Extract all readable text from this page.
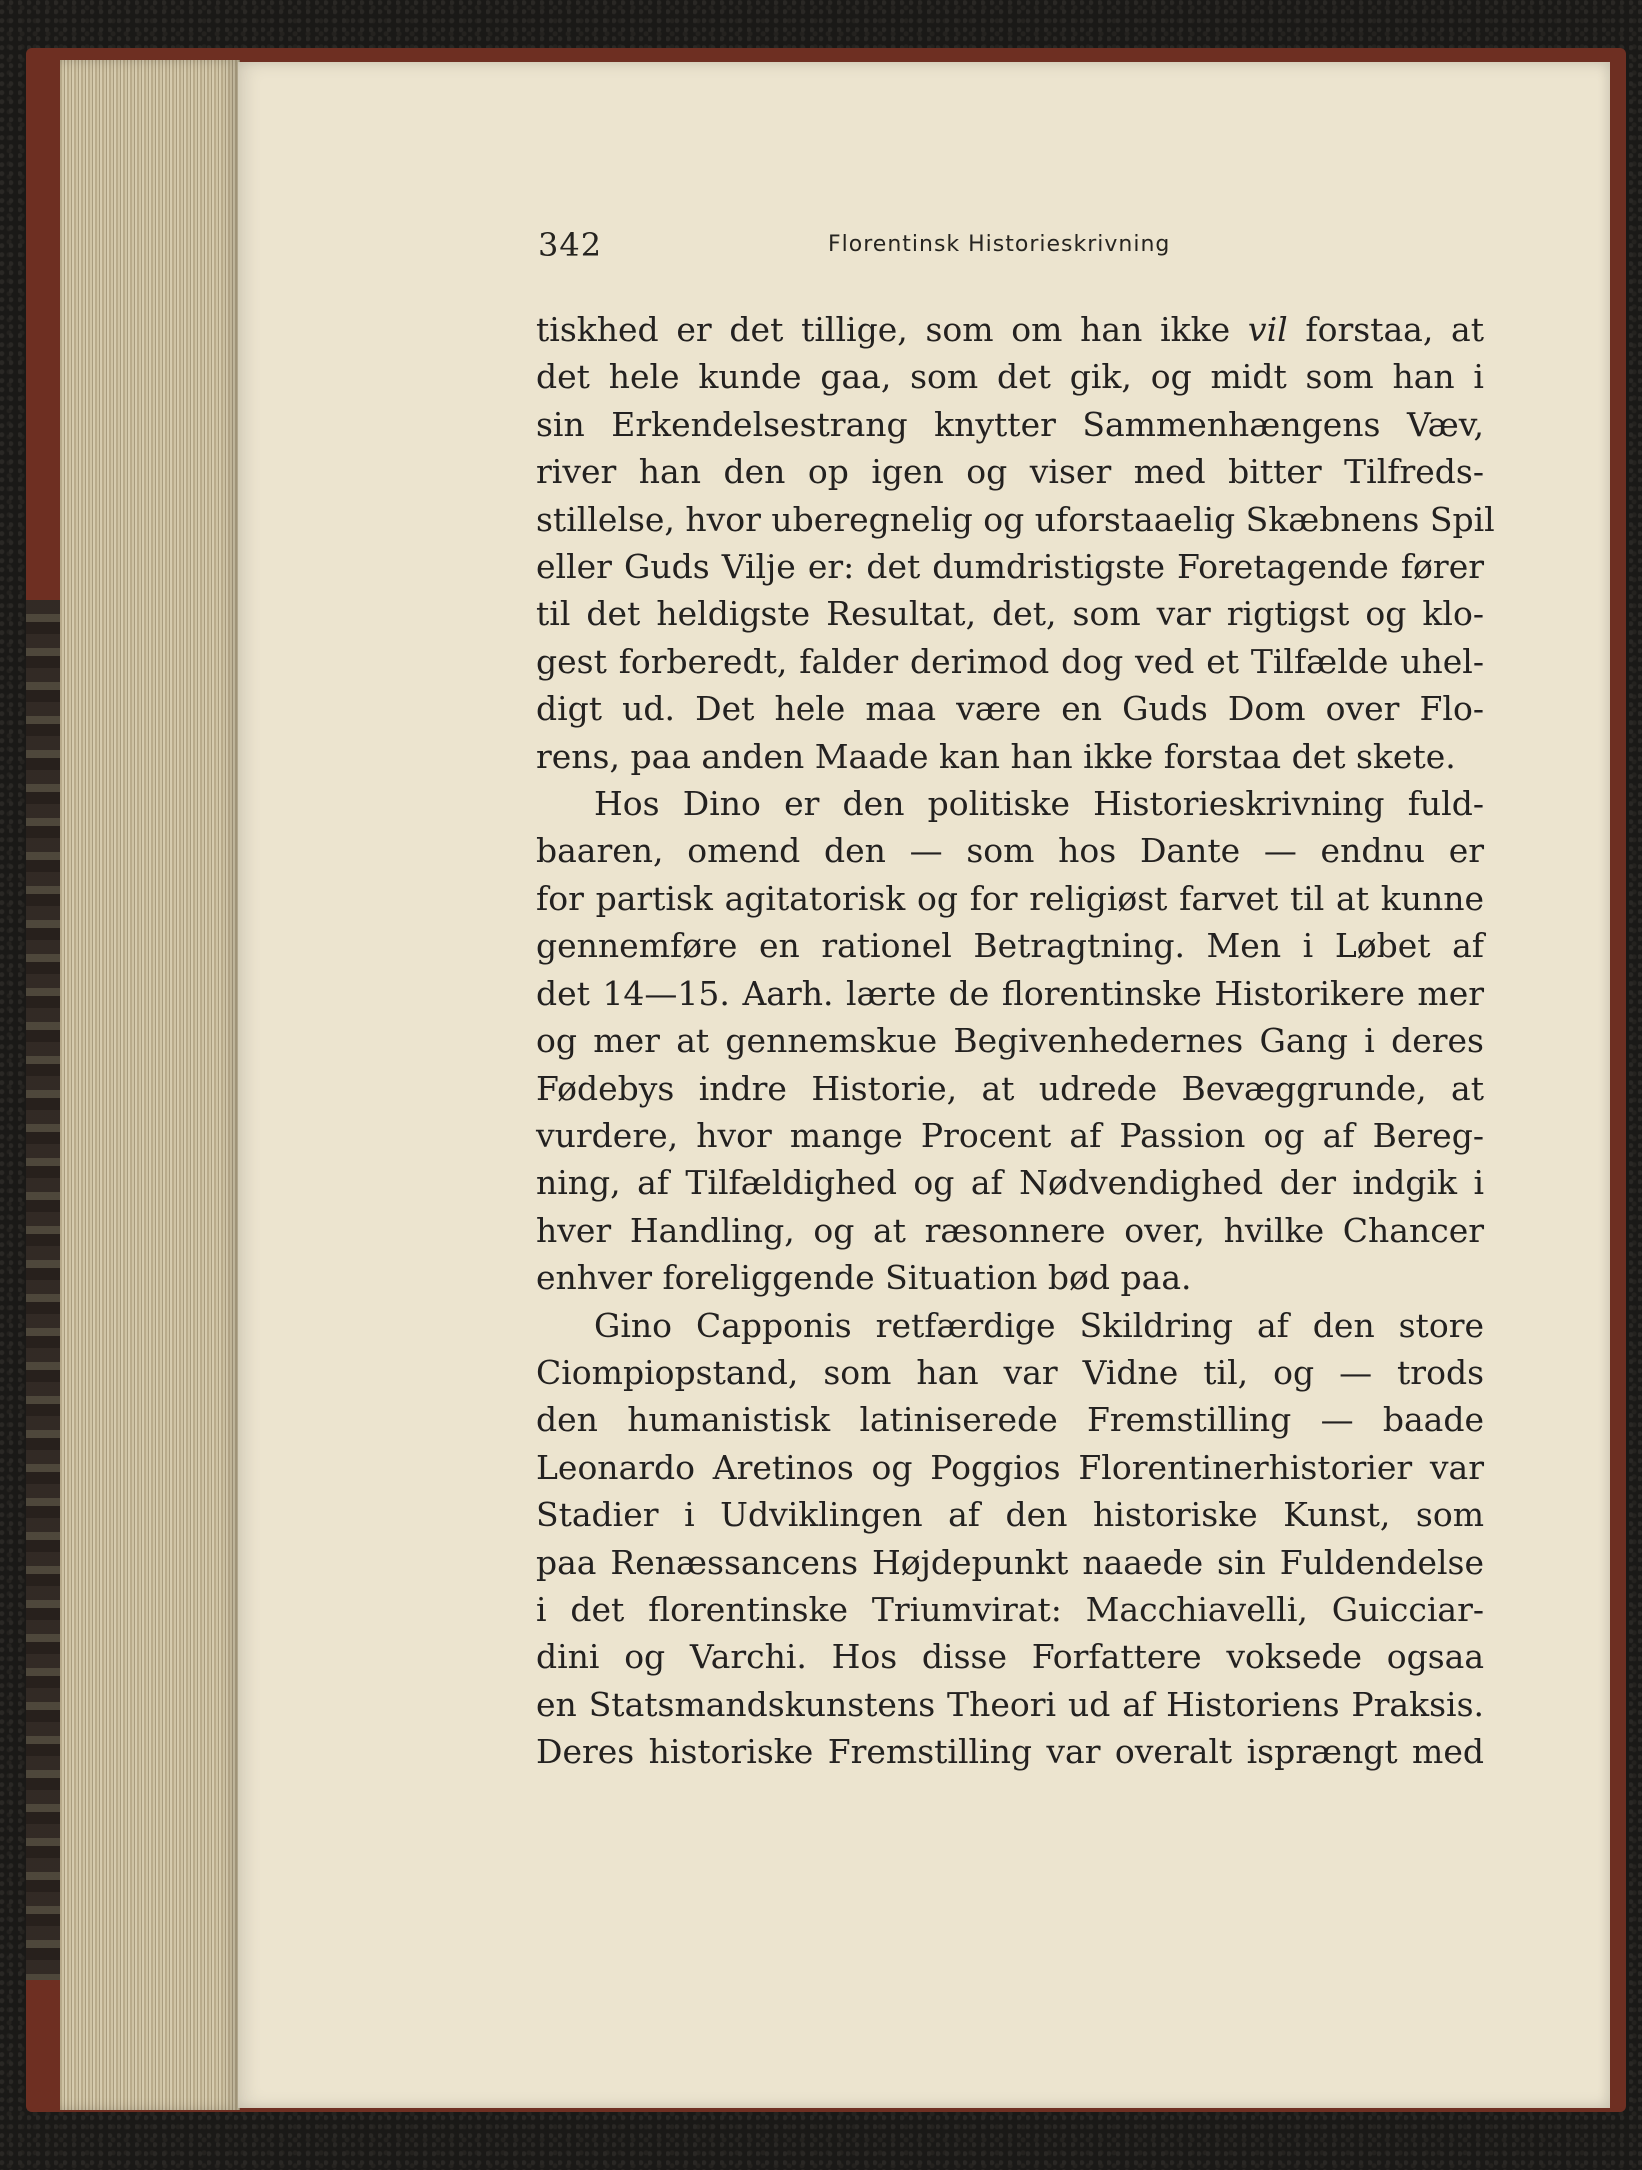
342	Florentinsk Historieskrivning
tiskhed er det tillige, som om han ikke vil forstaa, at
det hele kunde gaa, som det gik, og midt som han i
sin Erkendelsestrang knytter Sammenhængens Væv,
river han den op igen og viser med bitter Tilfreds-
stillelse, hvor uberegnelig og uforstaaelig Skæbnens Spil
eller Guds Vilje er: det dumdristigste Foretagende fører
til det heldigste Resultat, det, som var rigtigst og klo-
gest forberedt, falder derimod dog ved et Tilfælde uhel-
digt ud. Det hele maa være en Guds Dom over Flo-
rens, paa anden Maade kan han ikke forstaa det skete.
Hos Dino er den politiske Historieskrivning fuld-
baaren, omend den — som hos Dante — endnu er
for partisk agitatorisk og for religiøst farvet til at kunne
gennemføre en rationel Betragtning. Men i Løbet af
det 14—15. Aarh. lærte de florentinske Historikere mer
og mer at gennemskue Begivenhedernes Gang i deres
Fødebys indre Historie, at udrede Bevæggrunde, at
vurdere, hvor mange Procent af Passion og af Bereg-
ning, af Tilfældighed og af Nødvendighed der indgik i
hver Handling, og at ræsonnere over, hvilke Chancer
enhver foreliggende Situation bød paa.
Gino Capponis retfærdige Skildring af den store
Ciompiopstand, som han var Vidne til, og — trods
den humanistisk latiniserede Fremstilling — baade
Leonardo Aretinos og Poggios Florentinerhistorier var
Stadier i Udviklingen af den historiske Kunst, som
paa Renæssancens Højdepunkt naaede sin Fuldendelse
i det florentinske Triumvirat: Macchiavelli, Guicciar-
dini og Varchi. Hos disse Forfattere voksede ogsaa
en Statsmandskunstens Theori ud af Historiens Praksis.
Deres historiske Fremstilling var overalt isprængt med
